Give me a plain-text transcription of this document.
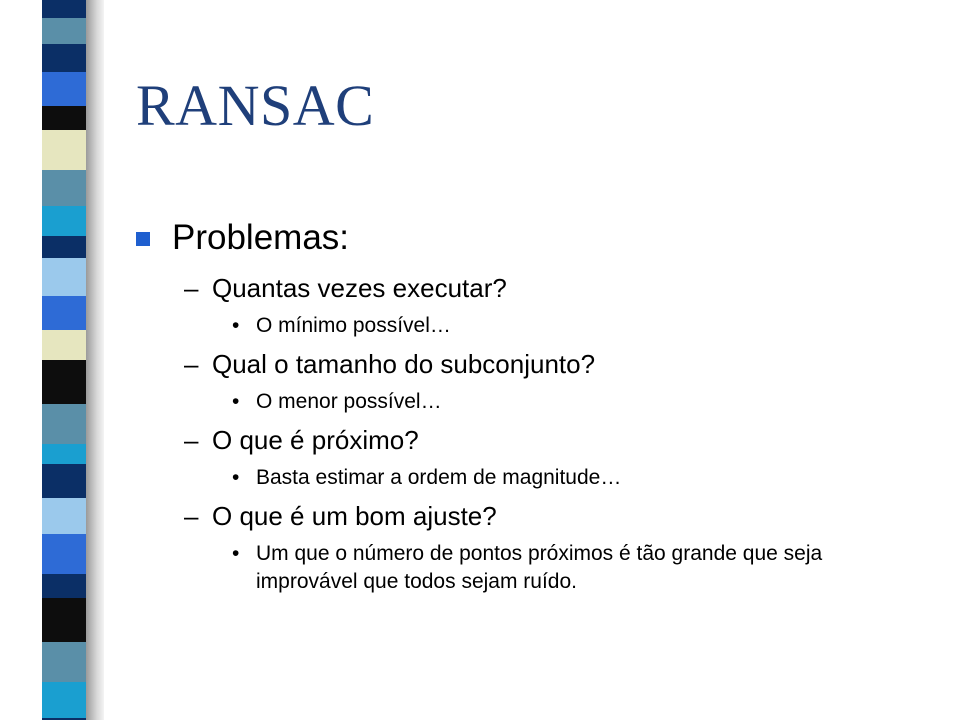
RANSAC
Problemas:
– Quantas vezes executar?
• O mínimo possível…
– Qual o tamanho do subconjunto?
• O menor possível…
– O que é próximo?
• Basta estimar a ordem de magnitude…
– O que é um bom ajuste?
• Um que o número de pontos próximos é tão grande que seja improvável que todos sejam ruído.
